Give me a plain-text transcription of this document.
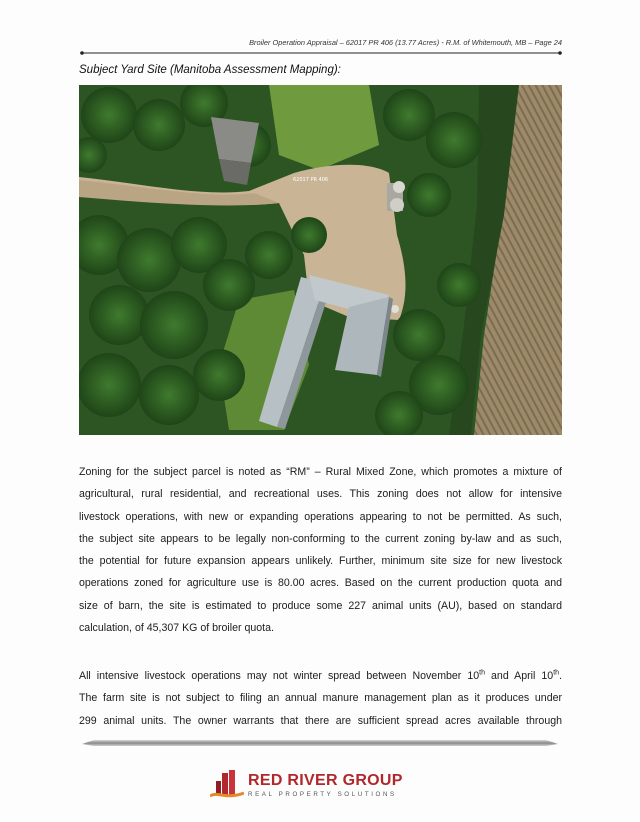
Broiler Operation Appraisal – 62017 PR 406 (13.77 Acres) - R.M. of Whitemouth, MB – Page 24
Subject Yard Site (Manitoba Assessment Mapping):
62017 PR 406
Zoning for the subject parcel is noted as “RM” – Rural Mixed Zone, which promotes a mixture of
agricultural, rural residential, and recreational uses. This zoning does not allow for intensive
livestock operations, with new or expanding operations appearing to not be permitted. As such,
the subject site appears to be legally non-conforming to the current zoning by-law and as such,
the potential for future expansion appears unlikely. Further, minimum site size for new livestock
operations zoned for agriculture use is 80.00 acres. Based on the current production quota and
size of barn, the site is estimated to produce some 227 animal units (AU), based on standard
calculation, of 45,307 KG of broiler quota.
All intensive livestock operations may not winter spread between November 10th and April 10th.
The farm site is not subject to filing an annual manure management plan as it produces under
299 animal units. The owner warrants that there are sufficient spread acres available through
RED RIVER GROUP
REAL PROPERTY SOLUTIONS
